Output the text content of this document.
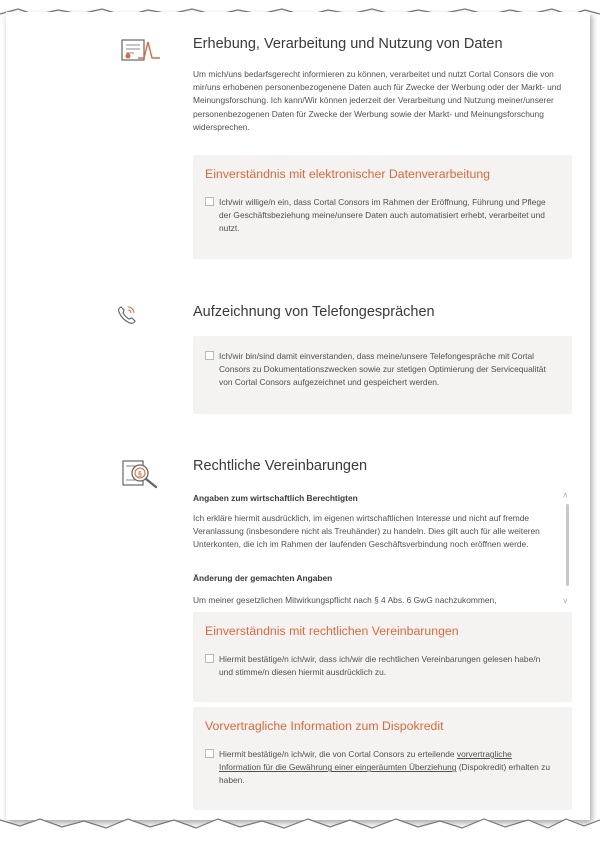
Erhebung, Verarbeitung und Nutzung von Daten
Um mich/uns bedarfsgerecht informieren zu können, verarbeitet und nutzt Cortal Consors die von mir/uns erhobenen personenbezogenene Daten auch für Zwecke der Werbung oder der Markt- und Meinungsforschung. Ich kann/Wir können jederzeit der Verarbeitung und Nutzung meiner/unserer personenbezogenen Daten für Zwecke der Werbung sowie der Markt- und Meinungsforschung widersprechen.
Einverständnis mit elektronischer Datenverarbeitung
Ich/wir willige/n ein, dass Cortal Consors im Rahmen der Eröffnung, Führung und Pflege der Geschäftsbeziehung meine/unsere Daten auch automatisiert erhebt, verarbeitet und nutzt.
Aufzeichnung von Telefongesprächen
Ich/wir bin/sind damit einverstanden, dass meine/unsere Telefongespräche mit Cortal Consors zu Dokumentationszwecken sowie zur stetigen Optimierung der Servicequalität von Cortal Consors aufgezeichnet und gespeichert werden.
§
Rechtliche Vereinbarungen

Angaben zum wirtschaftlich Berechtigten

Ich erkläre hiermit ausdrücklich, im eigenen wirtschaftlichen Interesse und nicht auf fremde Veranlassung (insbesondere nicht als Treuhänder) zu handeln. Dies gilt auch für alle weiteren Unterkonten, die ich im Rahmen der laufenden Geschäftsverbindung noch eröffnen werde.

Änderung der gemachten Angaben

Um meiner gesetzlichen Mitwirkungspflicht nach § 4 Abs. 6 GwG nachzukommen,

˄
˅
Einverständnis mit rechtlichen Vereinbarungen
Hiermit bestätige/n ich/wir, dass ich/wir die rechtlichen Vereinbarungen gelesen habe/n und stimme/n diesen hiermit ausdrücklich zu.
Vorvertragliche Information zum Dispokredit
Hiermit bestätige/n ich/wir, die von Cortal Consors zu erteilende vorvertragliche Information für die Gewährung einer eingeräumten Überziehung (Dispokredit) erhalten zu haben.
